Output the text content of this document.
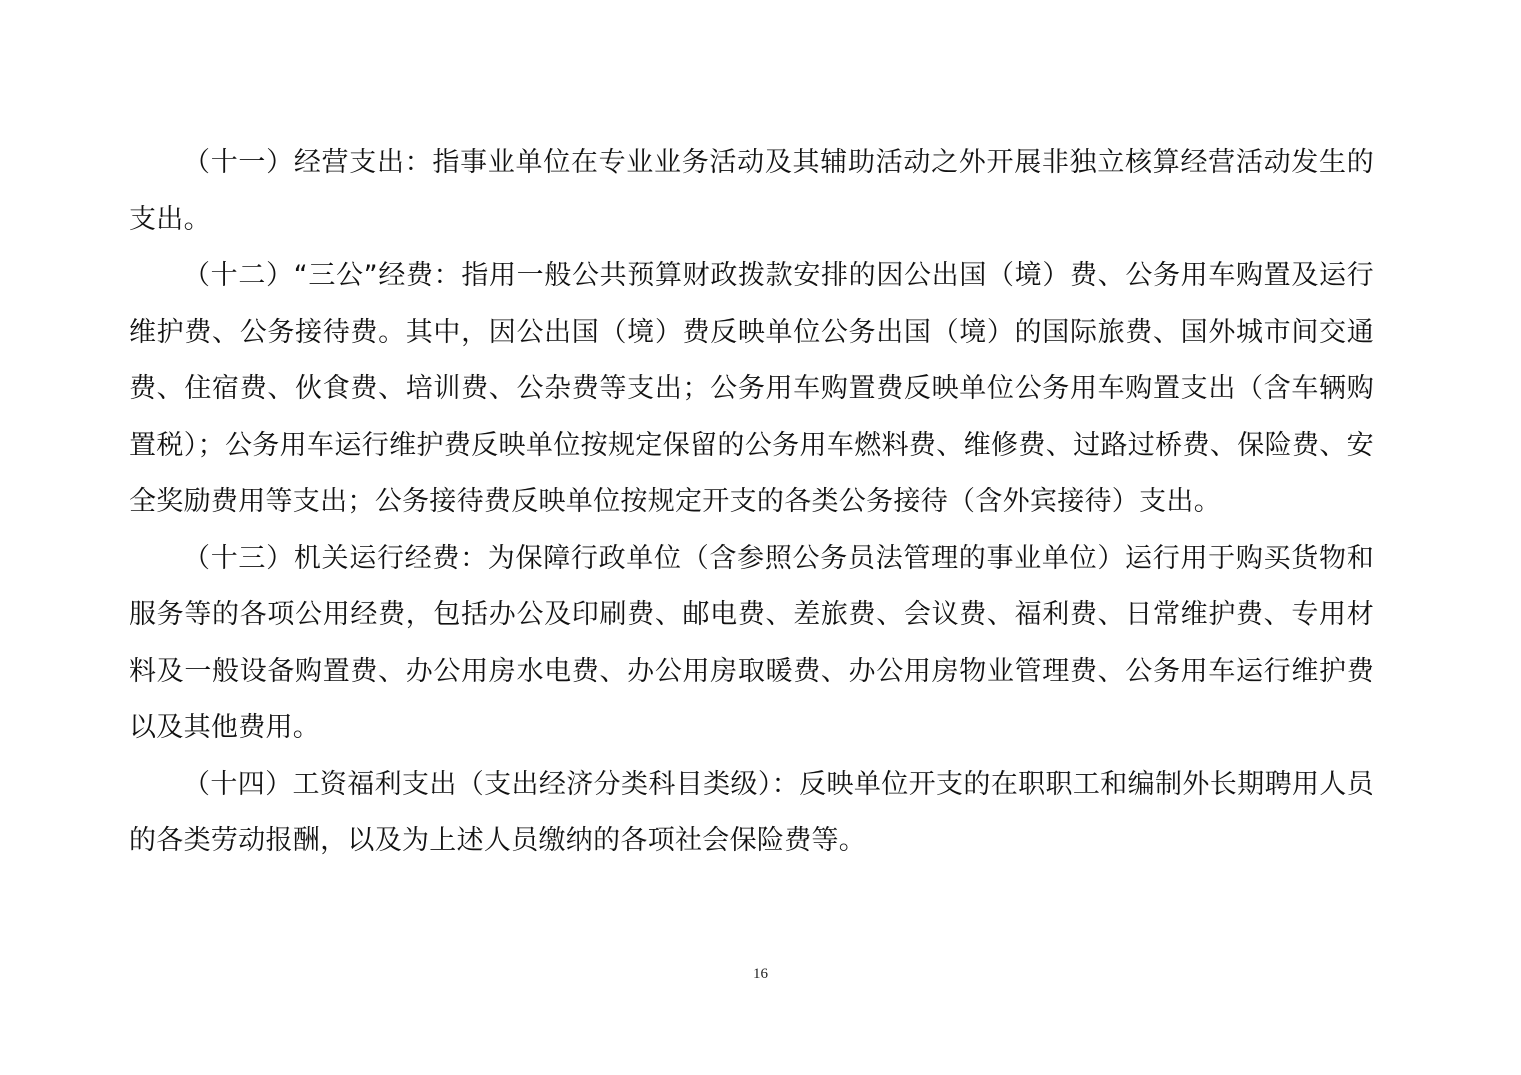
（十一）经营支出：指事业单位在专业业务活动及其辅助活动之外开展非独立核算经营活动发生的支出。

（十二）“三公”经费：指用一般公共预算财政拨款安排的因公出国（境）费、公务用车购置及运行维护费、公务接待费。其中，因公出国（境）费反映单位公务出国（境）的国际旅费、国外城市间交通费、住宿费、伙食费、培训费、公杂费等支出；公务用车购置费反映单位公务用车购置支出（含车辆购置税）；公务用车运行维护费反映单位按规定保留的公务用车燃料费、维修费、过路过桥费、保险费、安全奖励费用等支出；公务接待费反映单位按规定开支的各类公务接待（含外宾接待）支出。

（十三）机关运行经费：为保障行政单位（含参照公务员法管理的事业单位）运行用于购买货物和服务等的各项公用经费，包括办公及印刷费、邮电费、差旅费、会议费、福利费、日常维护费、专用材料及一般设备购置费、办公用房水电费、办公用房取暖费、办公用房物业管理费、公务用车运行维护费以及其他费用。

（十四）工资福利支出（支出经济分类科目类级）：反映单位开支的在职职工和编制外长期聘用人员的各类劳动报酬，以及为上述人员缴纳的各项社会保险费等。

16
